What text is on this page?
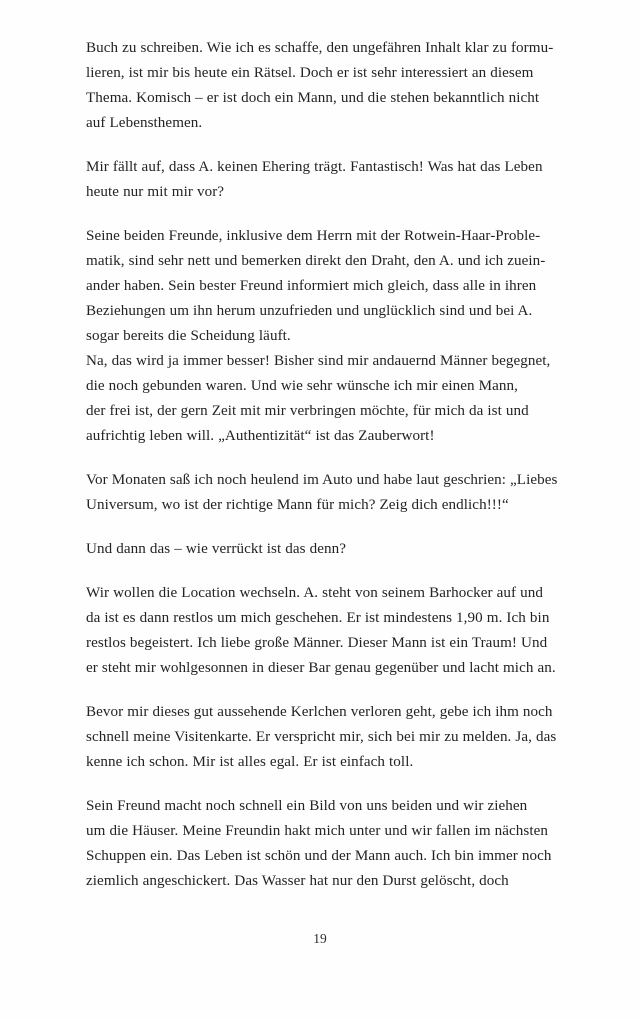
Buch zu schreiben. Wie ich es schaffe, den ungefähren Inhalt klar zu formu-
lieren, ist mir bis heute ein Rätsel. Doch er ist sehr interessiert an diesem
Thema. Komisch – er ist doch ein Mann, und die stehen bekanntlich nicht
auf Lebensthemen.

Mir fällt auf, dass A. keinen Ehering trägt. Fantastisch! Was hat das Leben
heute nur mit mir vor?

Seine beiden Freunde, inklusive dem Herrn mit der Rotwein-Haar-Proble-
matik, sind sehr nett und bemerken direkt den Draht, den A. und ich zuein-
ander haben. Sein bester Freund informiert mich gleich, dass alle in ihren
Beziehungen um ihn herum unzufrieden und unglücklich sind und bei A.
sogar bereits die Scheidung läuft.
Na, das wird ja immer besser! Bisher sind mir andauernd Männer begegnet,
die noch gebunden waren. Und wie sehr wünsche ich mir einen Mann,
der frei ist, der gern Zeit mit mir verbringen möchte, für mich da ist und
aufrichtig leben will. „Authentizität“ ist das Zauberwort!

Vor Monaten saß ich noch heulend im Auto und habe laut geschrien: „Liebes
Universum, wo ist der richtige Mann für mich? Zeig dich endlich!!!“

Und dann das – wie verrückt ist das denn?

Wir wollen die Location wechseln. A. steht von seinem Barhocker auf und
da ist es dann restlos um mich geschehen. Er ist mindestens 1,90 m. Ich bin
restlos begeistert. Ich liebe große Männer. Dieser Mann ist ein Traum! Und
er steht mir wohlgesonnen in dieser Bar genau gegenüber und lacht mich an.

Bevor mir dieses gut aussehende Kerlchen verloren geht, gebe ich ihm noch
schnell meine Visitenkarte. Er verspricht mir, sich bei mir zu melden. Ja, das
kenne ich schon. Mir ist alles egal. Er ist einfach toll.

Sein Freund macht noch schnell ein Bild von uns beiden und wir ziehen
um die Häuser. Meine Freundin hakt mich unter und wir fallen im nächsten
Schuppen ein. Das Leben ist schön und der Mann auch. Ich bin immer noch
ziemlich angeschickert. Das Wasser hat nur den Durst gelöscht, doch

19
